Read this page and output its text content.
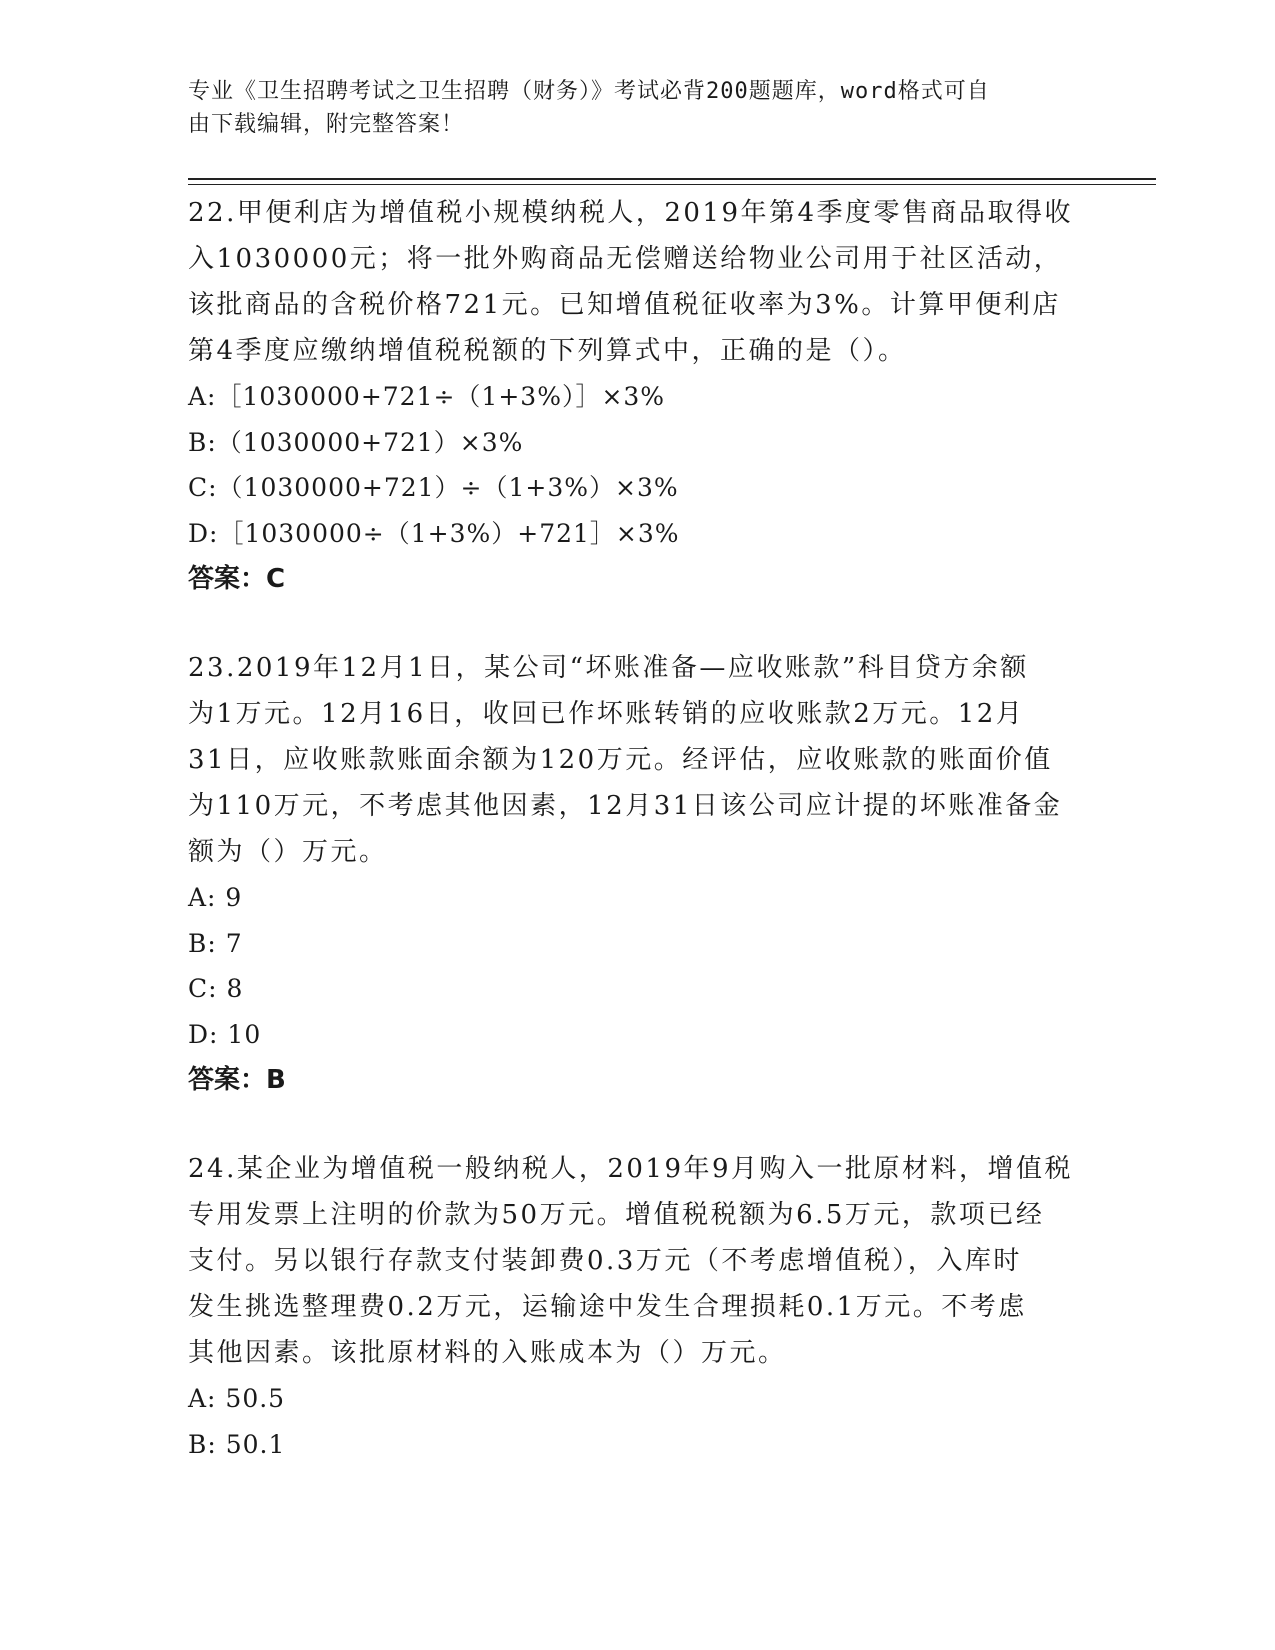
专业《卫生招聘考试之卫生招聘（财务）》考试必背200题题库，word格式可自
由下载编辑，附完整答案！

22.甲便利店为增值税小规模纳税人，2019年第4季度零售商品取得收

入1030000元；将一批外购商品无偿赠送给物业公司用于社区活动，

该批商品的含税价格721元。已知增值税征收率为3%。计算甲便利店

第4季度应缴纳增值税税额的下列算式中，正确的是（）。

A:［1030000+721÷（1+3%）］×3%

B:（1030000+721）×3%

C:（1030000+721）÷（1+3%）×3%

D:［1030000÷（1+3%）+721］×3%

答案：C

23.2019年12月1日，某公司“坏账准备—应收账款”科目贷方余额

为1万元。12月16日，收回已作坏账转销的应收账款2万元。12月

31日，应收账款账面余额为120万元。经评估，应收账款的账面价值

为110万元，不考虑其他因素，12月31日该公司应计提的坏账准备金

额为（）万元。

A: 9

B: 7

C: 8

D: 10

答案：B

24.某企业为增值税一般纳税人，2019年9月购入一批原材料，增值税

专用发票上注明的价款为50万元。增值税税额为6.5万元，款项已经

支付。另以银行存款支付装卸费0.3万元（不考虑增值税），入库时

发生挑选整理费0.2万元，运输途中发生合理损耗0.1万元。不考虑

其他因素。该批原材料的入账成本为（）万元。

A: 50.5

B: 50.1
